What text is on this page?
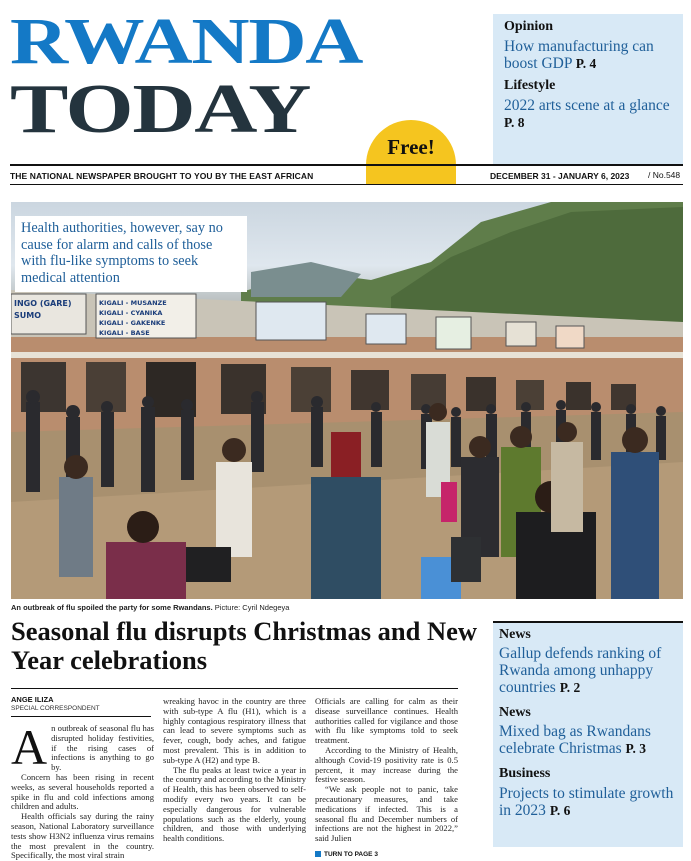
RWANDA
TODAY	Free!
Opinion
How manufacturing can boost GDP P. 4
Lifestyle
2022 arts scene at a glance P. 8
THE NATIONAL NEWSPAPER BROUGHT TO YOU BY THE EAST AFRICAN	DECEMBER 31 - JANUARY 6, 2023 / No.548
INGO (GARE)
SUMO
KIGALI - MUSANZE
KIGALI - CYANIKA
KIGALI - GAKENKE
KIGALI - BASE
Health authorities, however, say no cause for alarm and calls of those with flu-like symptoms to seek medical attention
An outbreak of flu spoiled the party for some Rwandans. Picture: Cyril Ndegeya
Seasonal flu disrupts Christmas and New Year celebrations
ANGE ILIZA
SPECIAL CORRESPONDENT
A n outbreak of seasonal flu has disrupted holiday festivities, if the rising cases of infections is anything to go by.

Concern has been rising in recent weeks, as several households reported a spike in flu and cold infections among children and adults.

Health officials say during the rainy season, National Laboratory surveillance tests show H3N2 influenza virus remains the most prevalent in the country. Specifically, the most viral strain

wreaking havoc in the country are three with sub-type A flu (H1), which is a highly contagious respiratory illness that can lead to severe symptoms such as fever, cough, body aches, and fatigue most prevalent. This is in addition to sub-type A (H2) and type B.

The flu peaks at least twice a year in the country and according to the Ministry of Health, this has been observed to self-modify every two years. It can be especially dangerous for vulnerable populations such as the elderly, young children, and those with underlying health conditions.

Officials are calling for calm as their disease surveillance continues. Health authorities called for vigilance and those with flu like symptoms told to seek treatment.

According to the Ministry of Health, although Covid-19 positivity rate is 0.5 percent, it may increase during the festive season.

“We ask people not to panic, take precautionary measures, and take medications if infected. This is a seasonal flu and December numbers of infections are not the highest in 2022,” said Julien

TURN TO PAGE 3
News
Gallup defends ranking of Rwanda among unhappy countries P. 2
News
Mixed bag as Rwandans celebrate Christmas P. 3
Business
Projects to stimulate growth in 2023 P. 6
